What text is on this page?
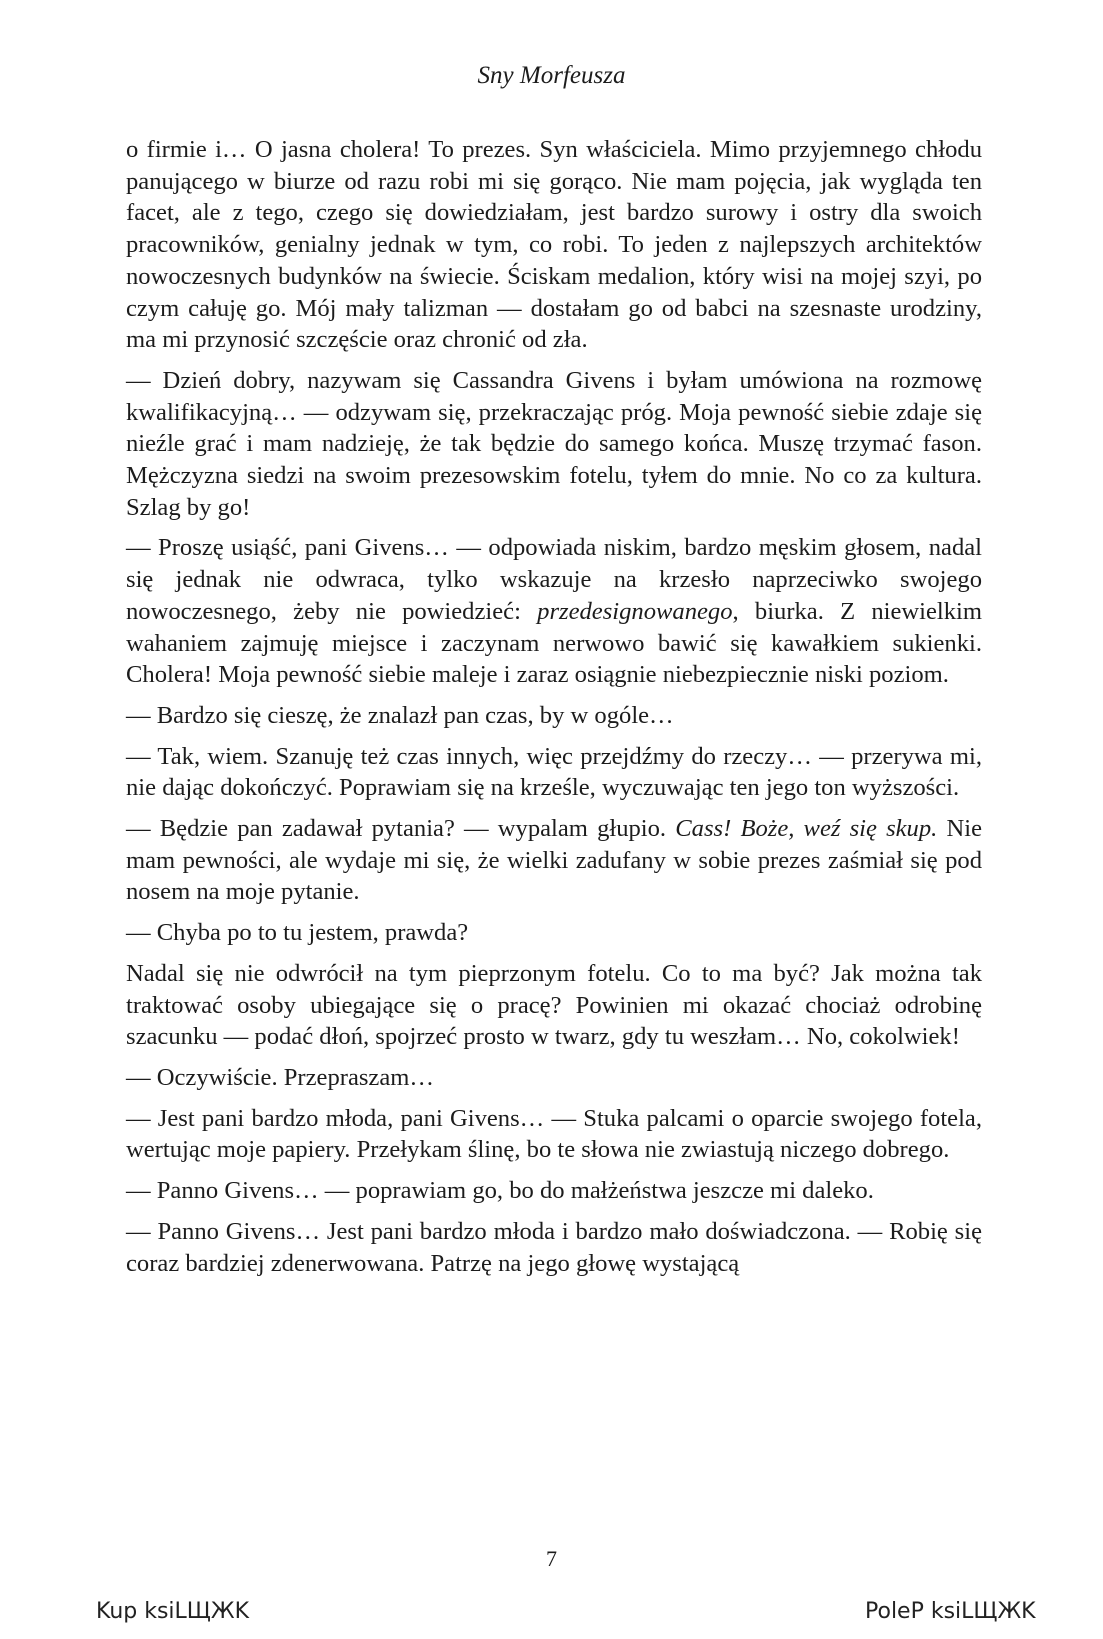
Sny Morfeusza

o firmie i… O jasna cholera! To prezes. Syn właściciela. Mimo przyjemnego chłodu panującego w biurze od razu robi mi się gorąco. Nie mam pojęcia, jak wygląda ten facet, ale z tego, czego się dowiedziałam, jest bardzo surowy i ostry dla swoich pracowników, genialny jednak w tym, co robi. To jeden z najlepszych architektów nowoczesnych budynków na świecie. Ściskam medalion, który wisi na mojej szyi, po czym całuję go. Mój mały talizman — dostałam go od babci na szesnaste urodziny, ma mi przynosić szczęście oraz chronić od zła.

— Dzień dobry, nazywam się Cassandra Givens i byłam umówiona na rozmowę kwalifikacyjną… — odzywam się, przekraczając próg. Moja pewność siebie zdaje się nieźle grać i mam nadzieję, że tak będzie do samego końca. Muszę trzymać fason. Mężczyzna siedzi na swoim prezesowskim fotelu, tyłem do mnie. No co za kultura. Szlag by go!

— Proszę usiąść, pani Givens… — odpowiada niskim, bardzo męskim głosem, nadal się jednak nie odwraca, tylko wskazuje na krzesło naprzeciwko swojego nowoczesnego, żeby nie powiedzieć: przedesignowanego, biurka. Z niewielkim wahaniem zajmuję miejsce i zaczynam nerwowo bawić się kawałkiem sukienki. Cholera! Moja pewność siebie maleje i zaraz osiągnie niebezpiecznie niski poziom.

— Bardzo się cieszę, że znalazł pan czas, by w ogóle…

— Tak, wiem. Szanuję też czas innych, więc przejdźmy do rzeczy… — przerywa mi, nie dając dokończyć. Poprawiam się na krześle, wyczuwając ten jego ton wyższości.

— Będzie pan zadawał pytania? — wypalam głupio. Cass! Boże, weź się skup. Nie mam pewności, ale wydaje mi się, że wielki zadufany w sobie prezes zaśmiał się pod nosem na moje pytanie.

— Chyba po to tu jestem, prawda?

Nadal się nie odwrócił na tym pieprzonym fotelu. Co to ma być? Jak można tak traktować osoby ubiegające się o pracę? Powinien mi okazać chociaż odrobinę szacunku — podać dłoń, spojrzeć prosto w twarz, gdy tu weszłam… No, cokolwiek!

— Oczywiście. Przepraszam…

— Jest pani bardzo młoda, pani Givens… — Stuka palcami o oparcie swojego fotela, wertując moje papiery. Przełykam ślinę, bo te słowa nie zwiastują niczego dobrego.

— Panno Givens… — poprawiam go, bo do małżeństwa jeszcze mi daleko.

— Panno Givens… Jest pani bardzo młoda i bardzo mało doświadczona. — Robię się coraz bardziej zdenerwowana. Patrzę na jego głowę wystającą

7
Kup ksiLЩЖK	PoleP ksiLЩЖK
